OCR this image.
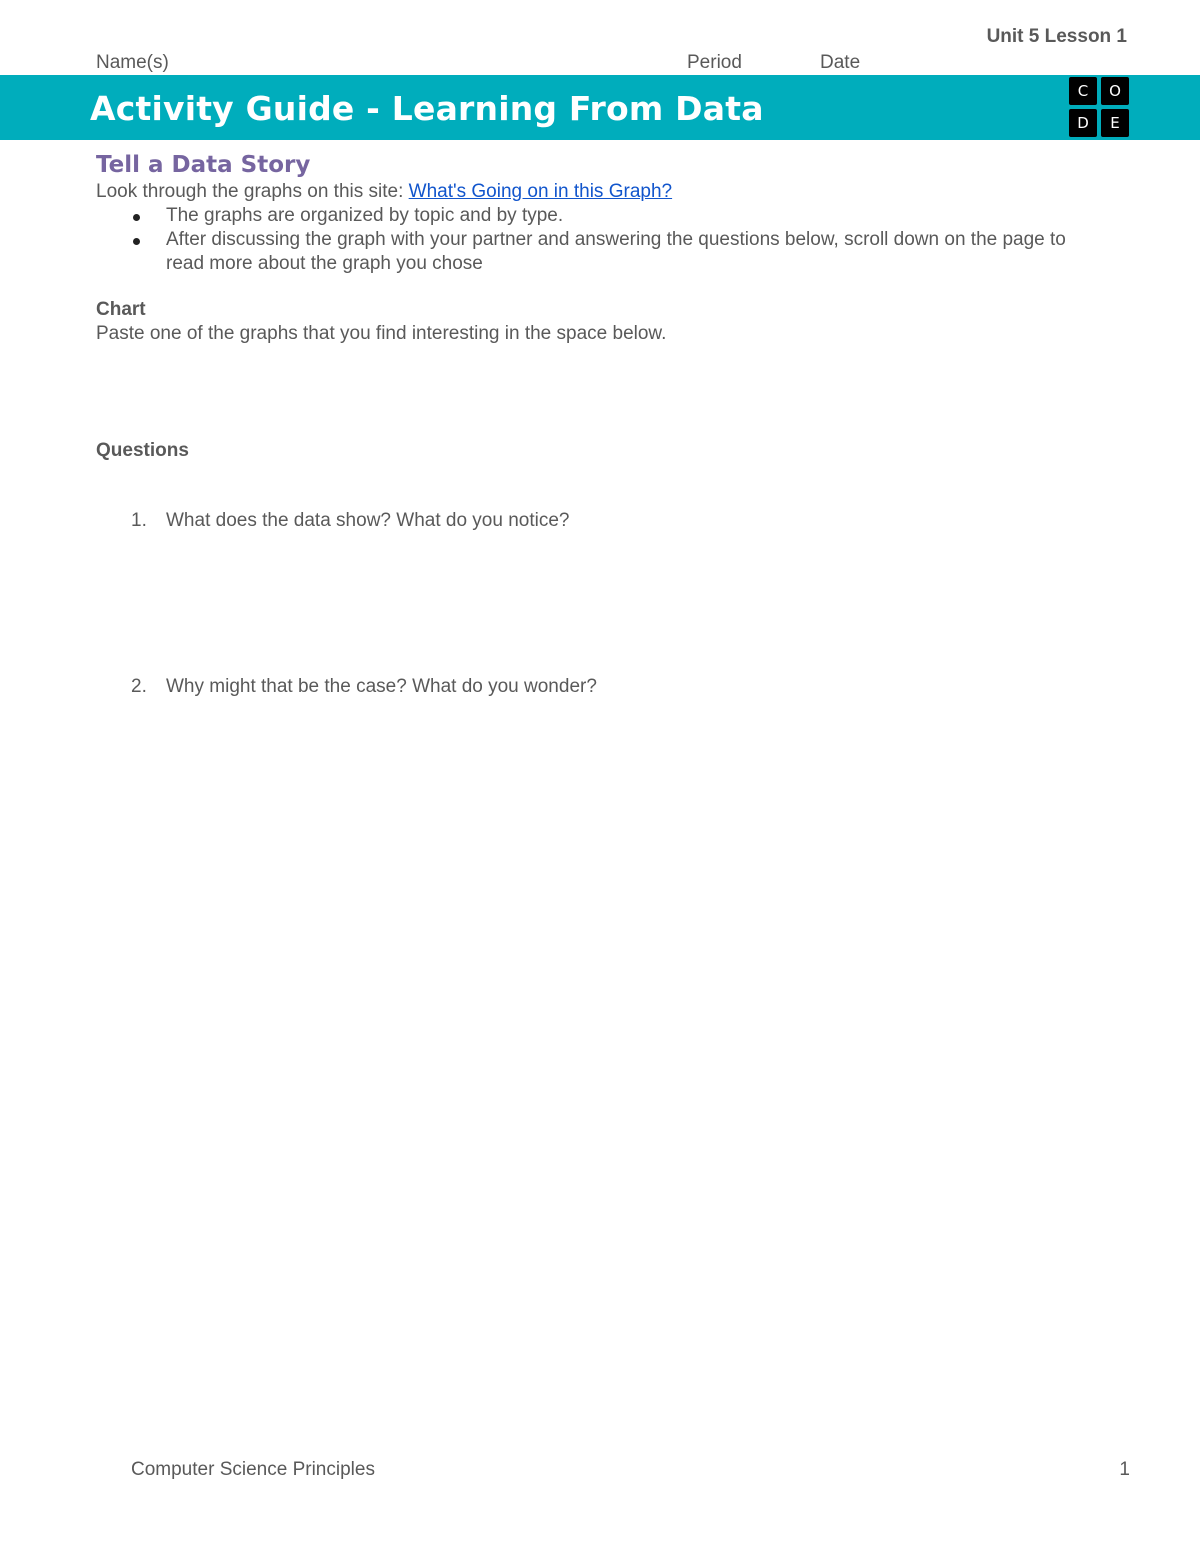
Unit 5 Lesson 1
Name(s)	Period	Date
Activity Guide - Learning From Data	C	O
D	E
Tell a Data Story

Look through the graphs on this site: What's Going on in this Graph?

The graphs are organized by topic and by type.
After discussing the graph with your partner and answering the questions below, scroll down on the page to read more about the graph you chose

Chart

Paste one of the graphs that you find interesting in the space below.

Questions

1. What does the data show? What do you notice?
2. Why might that be the case? What do you wonder?
Computer Science Principles	1
